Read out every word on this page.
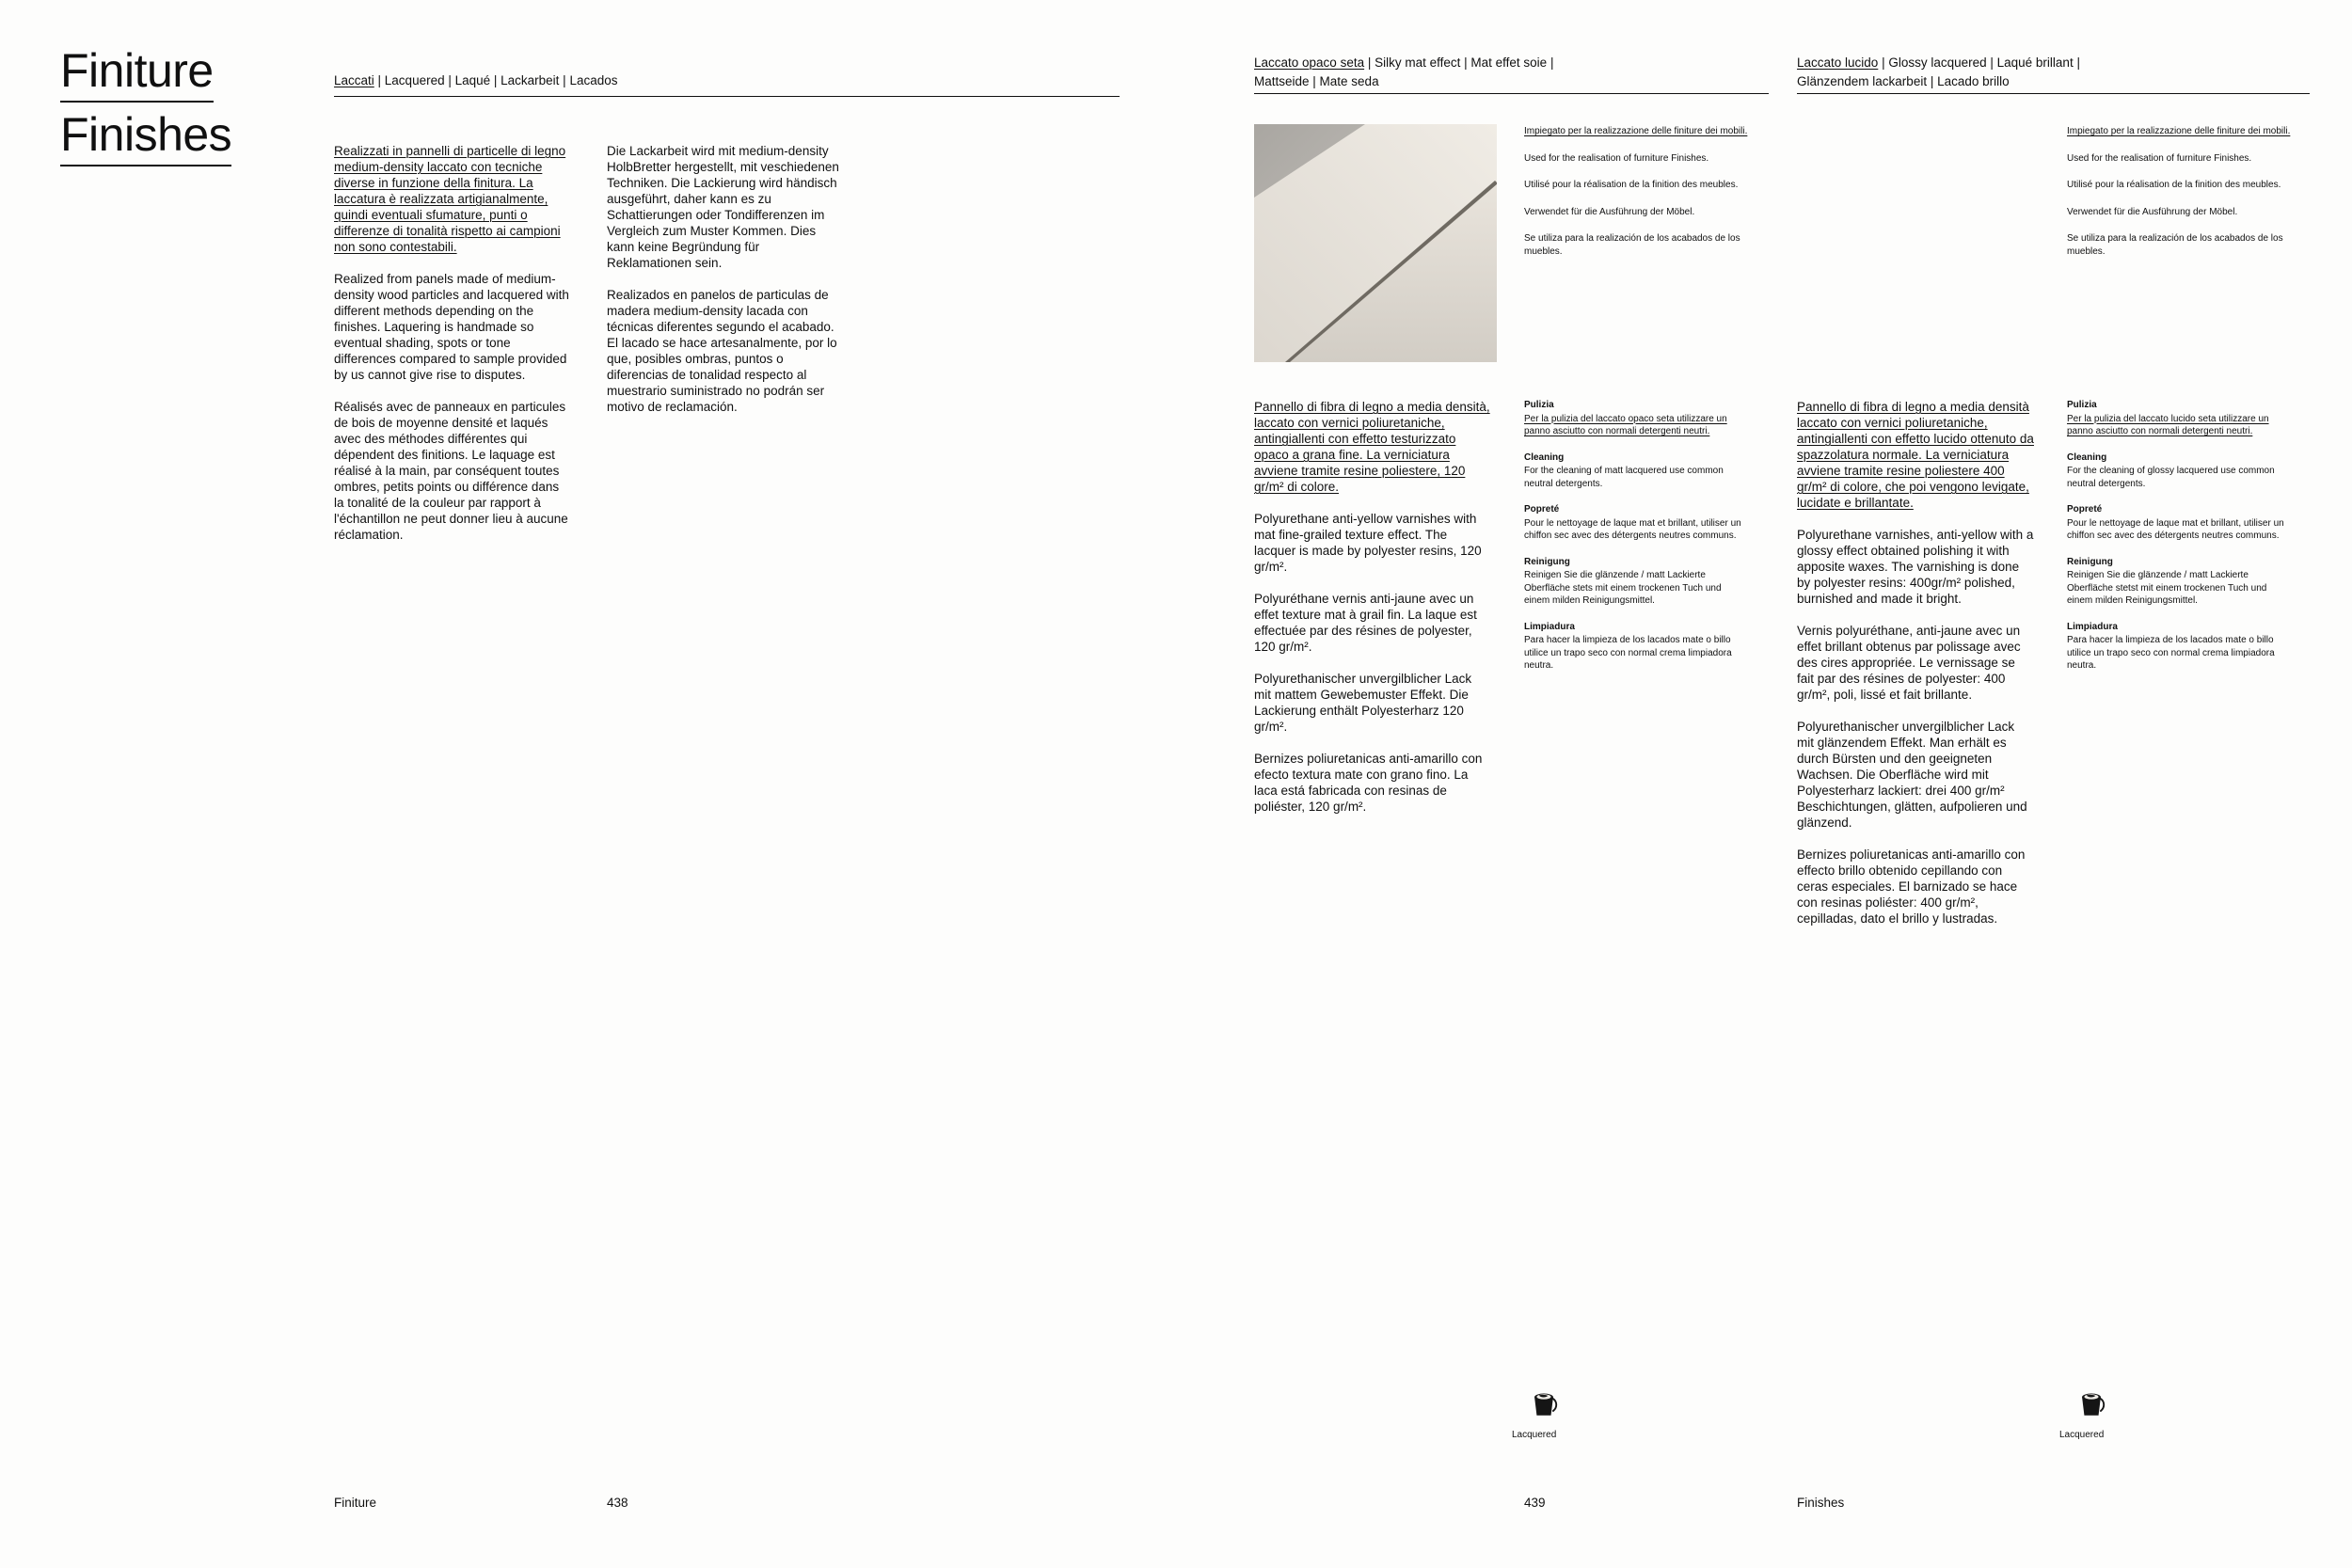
Finiture
Finishes
Laccati | Lacquered | Laqué | Lackarbeit | Lacados

Realizzati in pannelli di particelle di legno medium-density laccato con tecniche diverse in funzione della finitura. La laccatura è realizzata artigianalmente, quindi eventuali sfumature, punti o differenze di tonalità rispetto ai campioni non sono contestabili.

Realized from panels made of medium-density wood particles and lacquered with different methods depending on the finishes. Laquering is handmade so eventual shading, spots or tone differences compared to sample provided by us cannot give rise to disputes.

Réalisés avec de panneaux en particules de bois de moyenne densité et laqués avec des méthodes différentes qui dépendent des finitions. Le laquage est réalisé à la main, par conséquent toutes ombres, petits points ou différence dans la tonalité de la couleur par rapport à l'échantillon ne peut donner lieu à aucune réclamation.

Die Lackarbeit wird mit medium-density HolbBretter hergestellt, mit veschiedenen Techniken. Die Lackierung wird händisch ausgeführt, daher kann es zu Schattierungen oder Tondifferenzen im Vergleich zum Muster Kommen. Dies kann keine Begründung für Reklamationen sein.

Realizados en panelos de particulas de madera medium-density lacada con técnicas diferentes segundo el acabado. El lacado se hace artesanalmente, por lo que, posibles ombras, puntos o diferencias de tonalidad respecto al muestrario suministrado no podrán ser motivo de reclamación.

Laccato opaco seta | Silky mat effect | Mat effet soie |
Mattseide | Mate seda
Laccato lucido | Glossy lacquered | Laqué brillant |
Glänzendem lackarbeit | Lacado brillo
Impiegato per la realizzazione delle finiture dei mobili.
Used for the realisation of furniture Finishes.
Utilisé pour la réalisation de la finition des meubles.
Verwendet für die Ausführung der Möbel.
Se utiliza para la realización de los acabados de los muebles.
Impiegato per la realizzazione delle finiture dei mobili.
Used for the realisation of furniture Finishes.
Utilisé pour la réalisation de la finition des meubles.
Verwendet für die Ausführung der Möbel.
Se utiliza para la realización de los acabados de los muebles.

Pannello di fibra di legno a media densità, laccato con vernici poliuretaniche, antingiallenti con effetto testurizzato opaco a grana fine. La verniciatura avviene tramite resine poliestere, 120 gr/m² di colore.

Polyurethane anti-yellow varnishes with mat fine-grailed texture effect. The lacquer is made by polyester resins, 120 gr/m².

Polyuréthane vernis anti-jaune avec un effet texture mat à grail fin. La laque est effectuée par des résines de polyester, 120 gr/m².

Polyurethanischer unvergilblicher Lack mit mattem Gewebemuster Effekt. Die Lackierung enthält Polyesterharz 120 gr/m².

Bernizes poliuretanicas anti-amarillo con efecto textura mate con grano fino. La laca está fabricada con resinas de poliéster, 120 gr/m².

Pulizia
Per la pulizia del laccato opaco seta utilizzare un panno asciutto con normali detergenti neutri.
Cleaning
For the cleaning of matt lacquered use common neutral detergents.
Popreté
Pour le nettoyage de laque mat et brillant, utiliser un chiffon sec avec des détergents neutres communs.
Reinigung
Reinigen Sie die glänzende / matt Lackierte Oberfläche stets mit einem trockenen Tuch und einem milden Reinigungsmittel.
Limpiadura
Para hacer la limpieza de los lacados mate o billo utilice un trapo seco con normal crema limpiadora neutra.

Pannello di fibra di legno a media densità laccato con vernici poliuretaniche, antingiallenti con effetto lucido ottenuto da spazzolatura normale. La verniciatura avviene tramite resine poliestere 400 gr/m² di colore, che poi vengono levigate, lucidate e brillantate.

Polyurethane varnishes, anti-yellow with a glossy effect obtained polishing it with apposite waxes. The varnishing is done by polyester resins: 400gr/m² polished, burnished and made it bright.

Vernis polyuréthane, anti-jaune avec un effet brillant obtenus par polissage avec des cires appropriée. Le vernissage se fait par des résines de polyester: 400 gr/m², poli, lissé et fait brillante.

Polyurethanischer unvergilblicher Lack mit glänzendem Effekt. Man erhält es durch Bürsten und den geeigneten Wachsen. Die Oberfläche wird mit Polyesterharz lackiert: drei 400 gr/m² Beschichtungen, glätten, aufpolieren und glänzend.

Bernizes poliuretanicas anti-amarillo con effecto brillo obtenido cepillando con ceras especiales. El barnizado se hace con resinas poliéster: 400 gr/m², cepilladas, dato el brillo y lustradas.

Pulizia
Per la pulizia del laccato lucido seta utilizzare un panno asciutto con normali detergenti neutri.
Cleaning
For the cleaning of glossy lacquered use common neutral detergents.
Popreté
Pour le nettoyage de laque mat et brillant, utiliser un chiffon sec avec des détergents neutres communs.
Reinigung
Reinigen Sie die glänzende / matt Lackierte Oberfläche stetst mit einem trockenen Tuch und einem milden Reinigungsmittel.
Limpiadura
Para hacer la limpieza de los lacados mate o billo utilice un trapo seco con normal crema limpiadora neutra.
Lacquered	Lacquered
Finiture	438	439	Finishes
